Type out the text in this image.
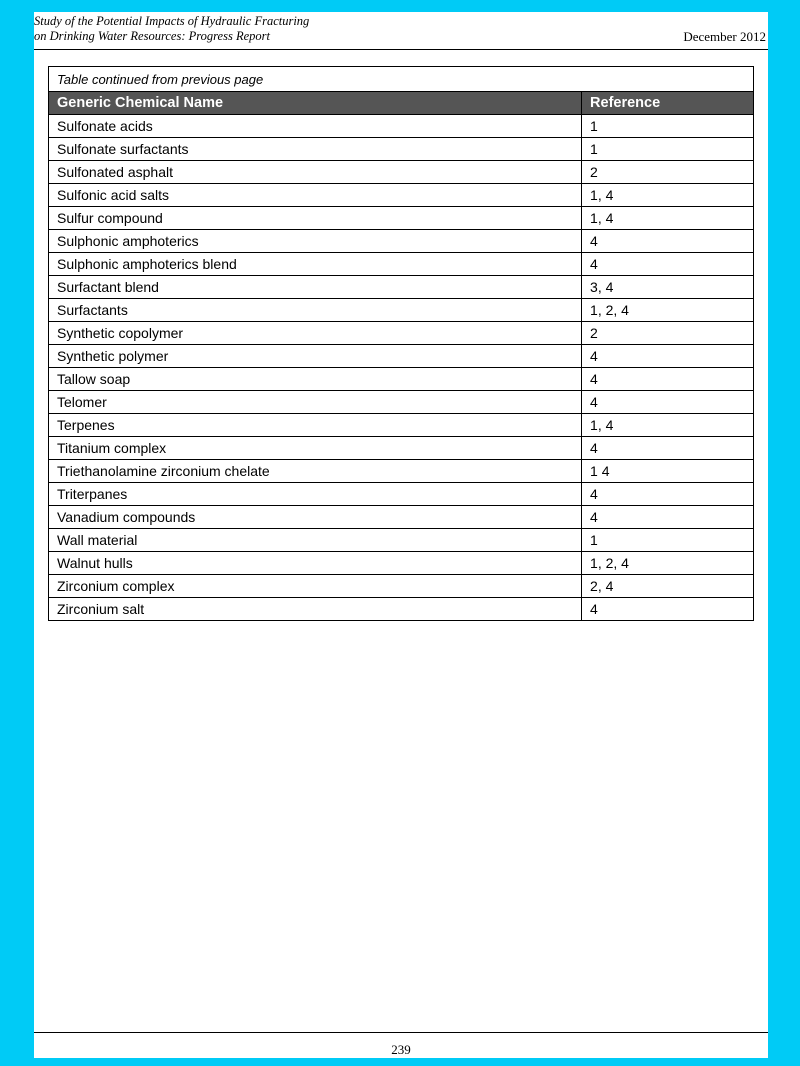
Study of the Potential Impacts of Hydraulic Fracturing
on Drinking Water Resources: Progress Report	December 2012
Table continued from previous page	
Generic Chemical Name	Reference
Sulfonate acids	1
Sulfonate surfactants	1
Sulfonated asphalt	2
Sulfonic acid salts	1, 4
Sulfur compound	1, 4
Sulphonic amphoterics	4
Sulphonic amphoterics blend	4
Surfactant blend	3, 4
Surfactants	1, 2, 4
Synthetic copolymer	2
Synthetic polymer	4
Tallow soap	4
Telomer	4
Terpenes	1, 4
Titanium complex	4
Triethanolamine zirconium chelate	1 4
Triterpanes	4
Vanadium compounds	4
Wall material	1
Walnut hulls	1, 2, 4
Zirconium complex	2, 4
Zirconium salt	4
239
